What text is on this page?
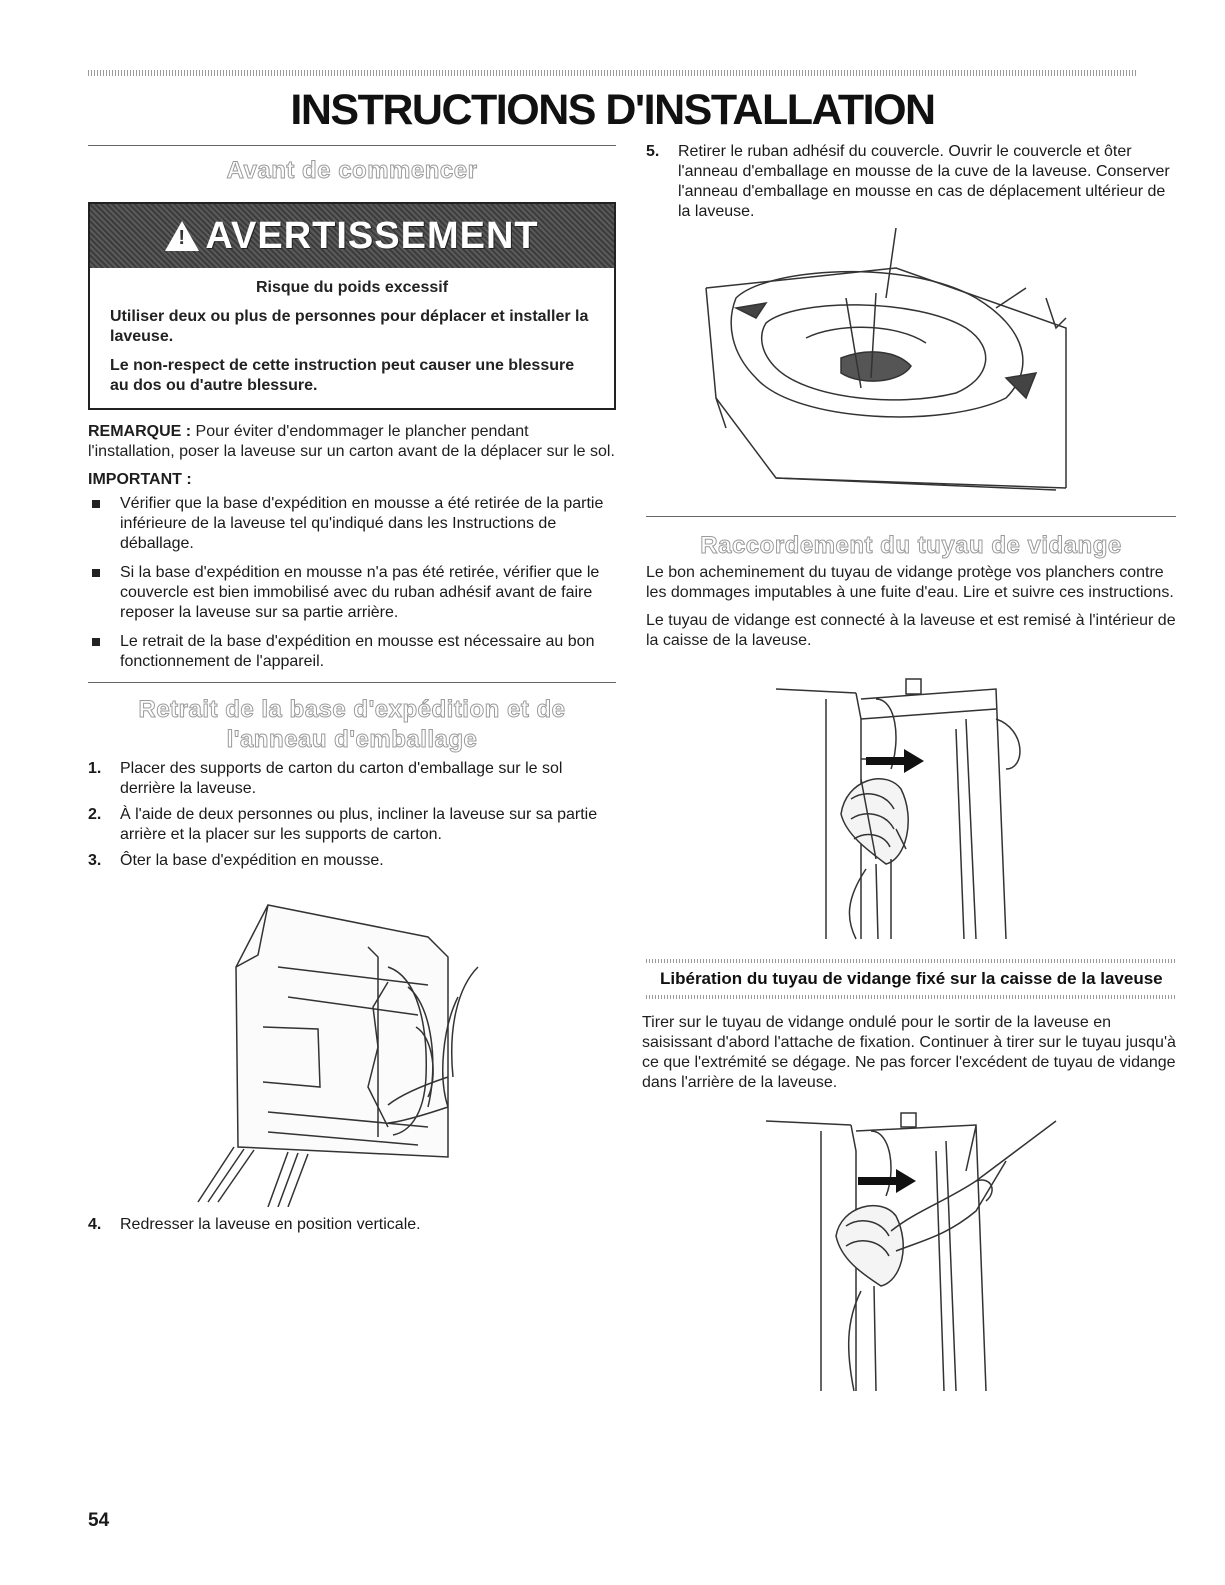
INSTRUCTIONS D'INSTALLATION
Avant de commencer
!
AVERTISSEMENT

Risque du poids excessif

Utiliser deux ou plus de personnes pour déplacer et installer la laveuse.

Le non-respect de cette instruction peut causer une blessure au dos ou d'autre blessure.

REMARQUE : Pour éviter d'endommager le plancher pendant l'installation, poser la laveuse sur un carton avant de la déplacer sur le sol.

IMPORTANT :

Vérifier que la base d'expédition en mousse a été retirée de la partie inférieure de la laveuse tel qu'indiqué dans les Instructions de déballage.
Si la base d'expédition en mousse n'a pas été retirée, vérifier que le couvercle est bien immobilisé avec du ruban adhésif avant de faire reposer la laveuse sur sa partie arrière.
Le retrait de la base d'expédition en mousse est nécessaire au bon fonctionnement de l'appareil.
Retrait de la base d'expédition et de
l'anneau d'emballage
1. Placer des supports de carton du carton d'emballage sur le sol derrière la laveuse.
2. À l'aide de deux personnes ou plus, incliner la laveuse sur sa partie arrière et la placer sur les supports de carton.
3. Ôter la base d'expédition en mousse.
4. Redresser la laveuse en position verticale.
5. Retirer le ruban adhésif du couvercle. Ouvrir le couvercle et ôter l'anneau d'emballage en mousse de la cuve de la laveuse. Conserver l'anneau d'emballage en mousse en cas de déplacement ultérieur de la laveuse.
Raccordement du tuyau de vidange

Le bon acheminement du tuyau de vidange protège vos planchers contre les dommages imputables à une fuite d'eau. Lire et suivre ces instructions.

Le tuyau de vidange est connecté à la laveuse et est remisé à l'intérieur de la caisse de la laveuse.

Libération du tuyau de vidange fixé sur la caisse de la laveuse

Tirer sur le tuyau de vidange ondulé pour le sortir de la laveuse en saisissant d'abord l'attache de fixation. Continuer à tirer sur le tuyau jusqu'à ce que l'extrémité se dégage. Ne pas forcer l'excédent de tuyau de vidange dans l'arrière de la laveuse.

54
